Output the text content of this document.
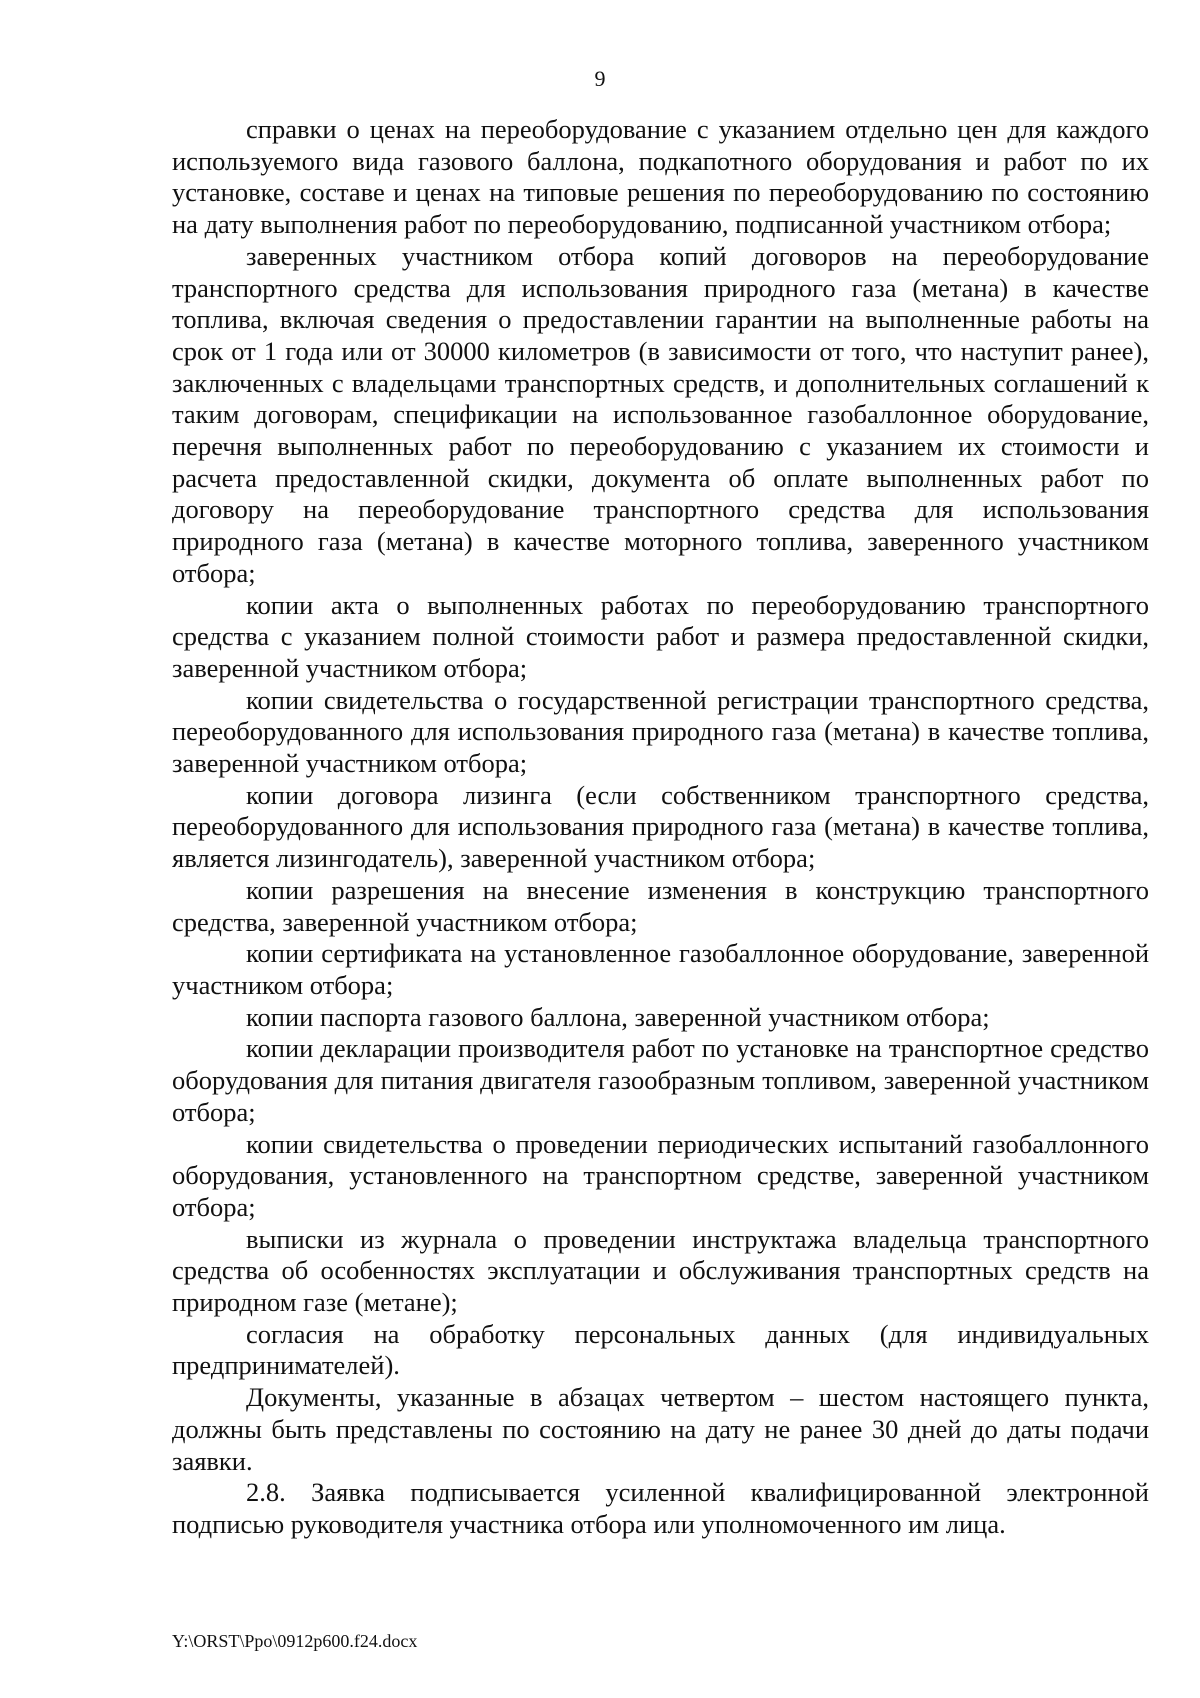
9

справки о ценах на переоборудование с указанием отдельно цен для каждого используемого вида газового баллона, подкапотного оборудования и работ по их установке, составе и ценах на типовые решения по переоборудованию по состоянию на дату выполнения работ по переоборудованию, подписанной участником отбора;

заверенных участником отбора копий договоров на переоборудование транспортного средства для использования природного газа (метана) в качестве топлива, включая сведения о предоставлении гарантии на выполненные работы на срок от 1 года или от 30000 километров (в зависимости от того, что наступит ранее), заключенных с владельцами транспортных средств, и дополнительных соглашений к таким договорам, спецификации на использованное газобаллонное оборудование, перечня выполненных работ по переоборудованию с указанием их стоимости и расчета предоставленной скидки, документа об оплате выполненных работ по договору на переоборудование транспортного средства для использования природного газа (метана) в качестве моторного топлива, заверенного участником отбора;

копии акта о выполненных работах по переоборудованию транспортного средства с указанием полной стоимости работ и размера предоставленной скидки, заверенной участником отбора;

копии свидетельства о государственной регистрации транспортного средства, переоборудованного для использования природного газа (метана) в качестве топлива, заверенной участником отбора;

копии договора лизинга (если собственником транспортного средства, переоборудованного для использования природного газа (метана) в качестве топлива, является лизингодатель), заверенной участником отбора;

копии разрешения на внесение изменения в конструкцию транспортного средства, заверенной участником отбора;

копии сертификата на установленное газобаллонное оборудование, заверенной участником отбора;

копии паспорта газового баллона, заверенной участником отбора;

копии декларации производителя работ по установке на транспортное средство оборудования для питания двигателя газообразным топливом, заверенной участником отбора;

копии свидетельства о проведении периодических испытаний газобаллонного оборудования, установленного на транспортном средстве, заверенной участником отбора;

выписки из журнала о проведении инструктажа владельца транспортного средства об особенностях эксплуатации и обслуживания транспортных средств на природном газе (метане);

согласия на обработку персональных данных (для индивидуальных предпринимателей).

Документы, указанные в абзацах четвертом – шестом настоящего пункта, должны быть представлены по состоянию на дату не ранее 30 дней до даты подачи заявки.

2.8. Заявка подписывается усиленной квалифицированной электронной подписью руководителя участника отбора или уполномоченного им лица.

Y:\ORST\Ppo\0912p600.f24.docx
